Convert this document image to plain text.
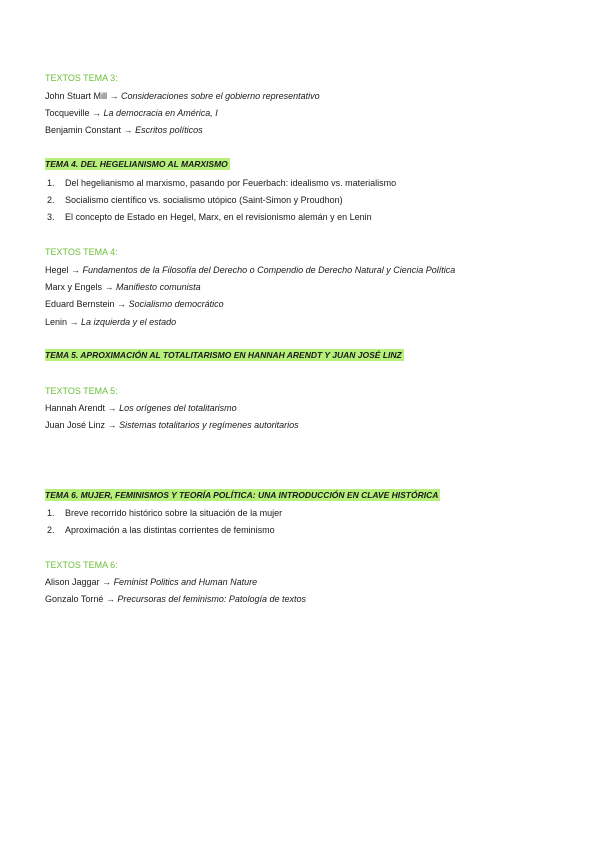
TEXTOS TEMA 3:
John Stuart Mill → Consideraciones sobre el gobierno representativo
Tocqueville → La democracia en América, I
Benjamin Constant → Escritos políticos
TEMA 4. DEL HEGELIANISMO AL MARXISMO
1. Del hegelianismo al marxismo, pasando por Feuerbach: idealismo vs. materialismo
2. Socialismo científico vs. socialismo utópico (Saint-Simon y Proudhon)
3. El concepto de Estado en Hegel, Marx, en el revisionismo alemán y en Lenin
TEXTOS TEMA 4:
Hegel → Fundamentos de la Filosofía del Derecho o Compendio de Derecho Natural y Ciencia Política
Marx y Engels → Manifiesto comunista
Eduard Bernstein → Socialismo democrático
Lenin → La izquierda y el estado
TEMA 5. APROXIMACIÓN AL TOTALITARISMO EN HANNAH ARENDT Y JUAN JOSÉ LINZ
TEXTOS TEMA 5:
Hannah Arendt → Los orígenes del totalitarismo
Juan José Linz → Sistemas totalitarios y regímenes autoritarios
TEMA 6. MUJER, FEMINISMOS Y TEORÍA POLÍTICA: UNA INTRODUCCIÓN EN CLAVE HISTÓRICA
1. Breve recorrido histórico sobre la situación de la mujer
2. Aproximación a las distintas corrientes de feminismo
TEXTOS TEMA 6:
Alison Jaggar → Feminist Politics and Human Nature
Gonzalo Torné → Precursoras del feminismo: Patología de textos
